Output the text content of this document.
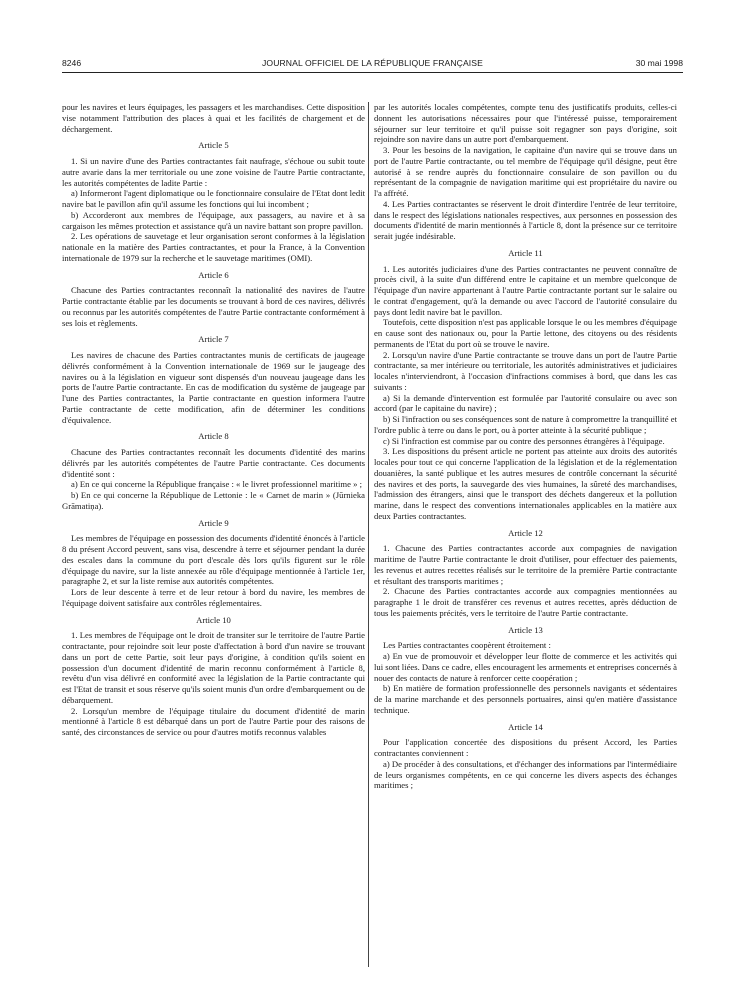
8246	JOURNAL OFFICIEL DE LA RÉPUBLIQUE FRANÇAISE	30 mai 1998

pour les navires et leurs équipages, les passagers et les marchandises. Cette disposition vise notamment l'attribution des places à quai et les facilités de chargement et de déchargement.

Article 5

1. Si un navire d'une des Parties contractantes fait naufrage, s'échoue ou subit toute autre avarie dans la mer territoriale ou une zone voisine de l'autre Partie contractante, les autorités compétentes de ladite Partie :

a) Informeront l'agent diplomatique ou le fonctionnaire consulaire de l'Etat dont ledit navire bat le pavillon afin qu'il assume les fonctions qui lui incombent ;

b) Accorderont aux membres de l'équipage, aux passagers, au navire et à sa cargaison les mêmes protection et assistance qu'à un navire battant son propre pavillon.

2. Les opérations de sauvetage et leur organisation seront conformes à la législation nationale en la matière des Parties contractantes, et pour la France, à la Convention internationale de 1979 sur la recherche et le sauvetage maritimes (OMI).

Article 6

Chacune des Parties contractantes reconnaît la nationalité des navires de l'autre Partie contractante établie par les documents se trouvant à bord de ces navires, délivrés ou reconnus par les autorités compétentes de l'autre Partie contractante conformément à ses lois et règlements.

Article 7

Les navires de chacune des Parties contractantes munis de certificats de jaugeage délivrés conformément à la Convention internationale de 1969 sur le jaugeage des navires ou à la législation en vigueur sont dispensés d'un nouveau jaugeage dans les ports de l'autre Partie contractante. En cas de modification du système de jaugeage par l'une des Parties contractantes, la Partie contractante en question informera l'autre Partie contractante de cette modification, afin de déterminer les conditions d'équivalence.

Article 8

Chacune des Parties contractantes reconnaît les documents d'identité des marins délivrés par les autorités compétentes de l'autre Partie contractante. Ces documents d'identité sont :

a) En ce qui concerne la République française : « le livret professionnel maritime » ;

b) En ce qui concerne la République de Lettonie : le « Carnet de marin » (Jūrnieka Grāmatiņa).

Article 9

Les membres de l'équipage en possession des documents d'identité énoncés à l'article 8 du présent Accord peuvent, sans visa, descendre à terre et séjourner pendant la durée des escales dans la commune du port d'escale dès lors qu'ils figurent sur le rôle d'équipage du navire, sur la liste annexée au rôle d'équipage mentionnée à l'article 1er, paragraphe 2, et sur la liste remise aux autorités compétentes.

Lors de leur descente à terre et de leur retour à bord du navire, les membres de l'équipage doivent satisfaire aux contrôles réglementaires.

Article 10

1. Les membres de l'équipage ont le droit de transiter sur le territoire de l'autre Partie contractante, pour rejoindre soit leur poste d'affectation à bord d'un navire se trouvant dans un port de cette Partie, soit leur pays d'origine, à condition qu'ils soient en possession d'un document d'identité de marin reconnu conformément à l'article 8, revêtu d'un visa délivré en conformité avec la législation de la Partie contractante qui est l'Etat de transit et sous réserve qu'ils soient munis d'un ordre d'embarquement ou de débarquement.

2. Lorsqu'un membre de l'équipage titulaire du document d'identité de marin mentionné à l'article 8 est débarqué dans un port de l'autre Partie pour des raisons de santé, des circonstances de service ou pour d'autres motifs reconnus valables

par les autorités locales compétentes, compte tenu des justificatifs produits, celles-ci donnent les autorisations nécessaires pour que l'intéressé puisse, temporairement séjourner sur leur territoire et qu'il puisse soit regagner son pays d'origine, soit rejoindre son navire dans un autre port d'embarquement.

3. Pour les besoins de la navigation, le capitaine d'un navire qui se trouve dans un port de l'autre Partie contractante, ou tel membre de l'équipage qu'il désigne, peut être autorisé à se rendre auprès du fonctionnaire consulaire de son pavillon ou du représentant de la compagnie de navigation maritime qui est propriétaire du navire ou l'a affrété.

4. Les Parties contractantes se réservent le droit d'interdire l'entrée de leur territoire, dans le respect des législations nationales respectives, aux personnes en possession des documents d'identité de marin mentionnés à l'article 8, dont la présence sur ce territoire serait jugée indésirable.

Article 11

1. Les autorités judiciaires d'une des Parties contractantes ne peuvent connaître de procès civil, à la suite d'un différend entre le capitaine et un membre quelconque de l'équipage d'un navire appartenant à l'autre Partie contractante portant sur le salaire ou le contrat d'engagement, qu'à la demande ou avec l'accord de l'autorité consulaire du pays dont ledit navire bat le pavillon.

Toutefois, cette disposition n'est pas applicable lorsque le ou les membres d'équipage en cause sont des nationaux ou, pour la Partie lettone, des citoyens ou des résidents permanents de l'Etat du port où se trouve le navire.

2. Lorsqu'un navire d'une Partie contractante se trouve dans un port de l'autre Partie contractante, sa mer intérieure ou territoriale, les autorités administratives et judiciaires locales n'interviendront, à l'occasion d'infractions commises à bord, que dans les cas suivants :

a) Si la demande d'intervention est formulée par l'autorité consulaire ou avec son accord (par le capitaine du navire) ;

b) Si l'infraction ou ses conséquences sont de nature à compromettre la tranquillité et l'ordre public à terre ou dans le port, ou à porter atteinte à la sécurité publique ;

c) Si l'infraction est commise par ou contre des personnes étrangères à l'équipage.

3. Les dispositions du présent article ne portent pas atteinte aux droits des autorités locales pour tout ce qui concerne l'application de la législation et de la réglementation douanières, la santé publique et les autres mesures de contrôle concernant la sécurité des navires et des ports, la sauvegarde des vies humaines, la sûreté des marchandises, l'admission des étrangers, ainsi que le transport des déchets dangereux et la pollution marine, dans le respect des conventions internationales applicables en la matière aux deux Parties contractantes.

Article 12

1. Chacune des Parties contractantes accorde aux compagnies de navigation maritime de l'autre Partie contractante le droit d'utiliser, pour effectuer des paiements, les revenus et autres recettes réalisés sur le territoire de la première Partie contractante et résultant des transports maritimes ;

2. Chacune des Parties contractantes accorde aux compagnies mentionnées au paragraphe 1 le droit de transférer ces revenus et autres recettes, après déduction de tous les paiements précités, vers le territoire de l'autre Partie contractante.

Article 13

Les Parties contractantes coopèrent étroitement :

a) En vue de promouvoir et développer leur flotte de commerce et les activités qui lui sont liées. Dans ce cadre, elles encouragent les armements et entreprises concernés à nouer des contacts de nature à renforcer cette coopération ;

b) En matière de formation professionnelle des personnels navigants et sédentaires de la marine marchande et des personnels portuaires, ainsi qu'en matière d'assistance technique.

Article 14

Pour l'application concertée des dispositions du présent Accord, les Parties contractantes conviennent :

a) De procéder à des consultations, et d'échanger des informations par l'intermédiaire de leurs organismes compétents, en ce qui concerne les divers aspects des échanges maritimes ;
